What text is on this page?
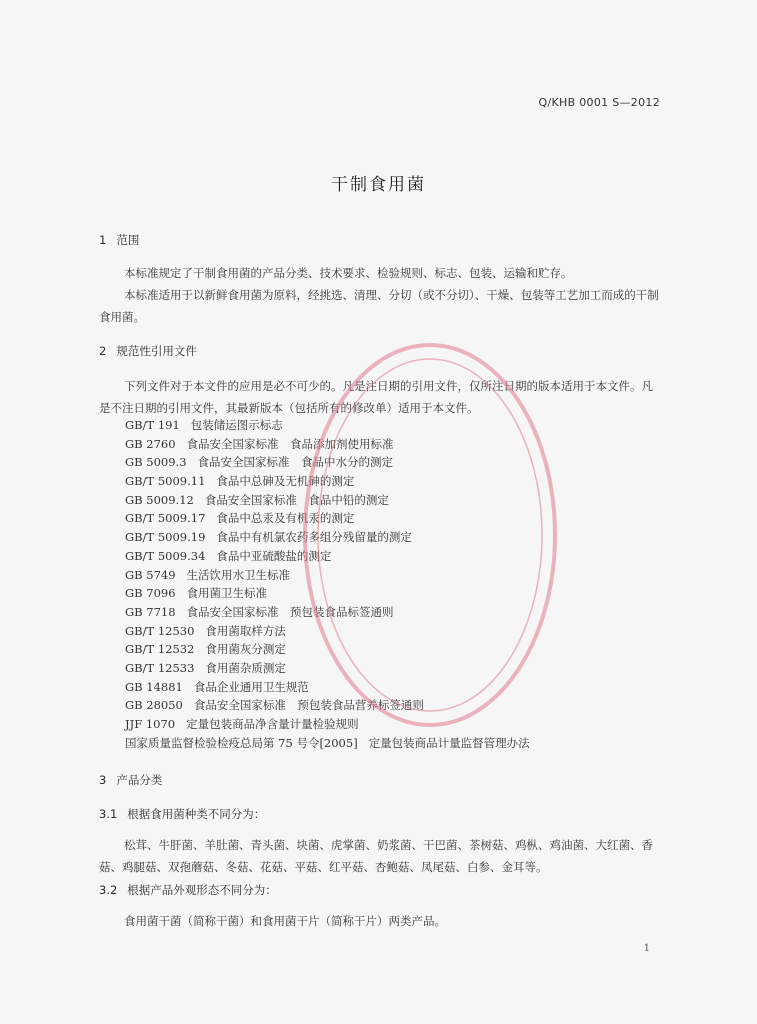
Q/KHB 0001 S—2012
干制食用菌
1 范围

本标准规定了干制食用菌的产品分类、技术要求、检验规则、标志、包装、运输和贮存。

本标准适用于以新鲜食用菌为原料，经挑选、清理、分切（或不分切）、干燥、包装等工艺加工而成的干制食用菌。

2 规范性引用文件

下列文件对于本文件的应用是必不可少的。凡是注日期的引用文件，仅所注日期的版本适用于本文件。凡是不注日期的引用文件，其最新版本（包括所有的修改单）适用于本文件。

GB/T 191 包装储运图示标志
GB 2760 食品安全国家标准　食品添加剂使用标准
GB 5009.3 食品安全国家标准　食品中水分的测定
GB/T 5009.11 食品中总砷及无机砷的测定
GB 5009.12 食品安全国家标准　食品中铅的测定
GB/T 5009.17 食品中总汞及有机汞的测定
GB/T 5009.19 食品中有机氯农药多组分残留量的测定
GB/T 5009.34 食品中亚硫酸盐的测定
GB 5749 生活饮用水卫生标准
GB 7096 食用菌卫生标准
GB 7718 食品安全国家标准　预包装食品标签通则
GB/T 12530 食用菌取样方法
GB/T 12532 食用菌灰分测定
GB/T 12533 食用菌杂质测定
GB 14881 食品企业通用卫生规范
GB 28050 食品安全国家标准　预包装食品营养标签通则
JJF 1070 定量包装商品净含量计量检验规则
国家质量监督检验检疫总局第 75 号令[2005] 定量包装商品计量监督管理办法
3 产品分类
3.1 根据食用菌种类不同分为：

松茸、牛肝菌、羊肚菌、青头菌、块菌、虎掌菌、奶浆菌、干巴菌、茶树菇、鸡枞、鸡油菌、大红菌、香菇、鸡腿菇、双孢蘑菇、冬菇、花菇、平菇、红平菇、杏鲍菇、凤尾菇、白参、金耳等。

3.2 根据产品外观形态不同分为：

食用菌干菌（简称干菌）和食用菌干片（简称干片）两类产品。

1
